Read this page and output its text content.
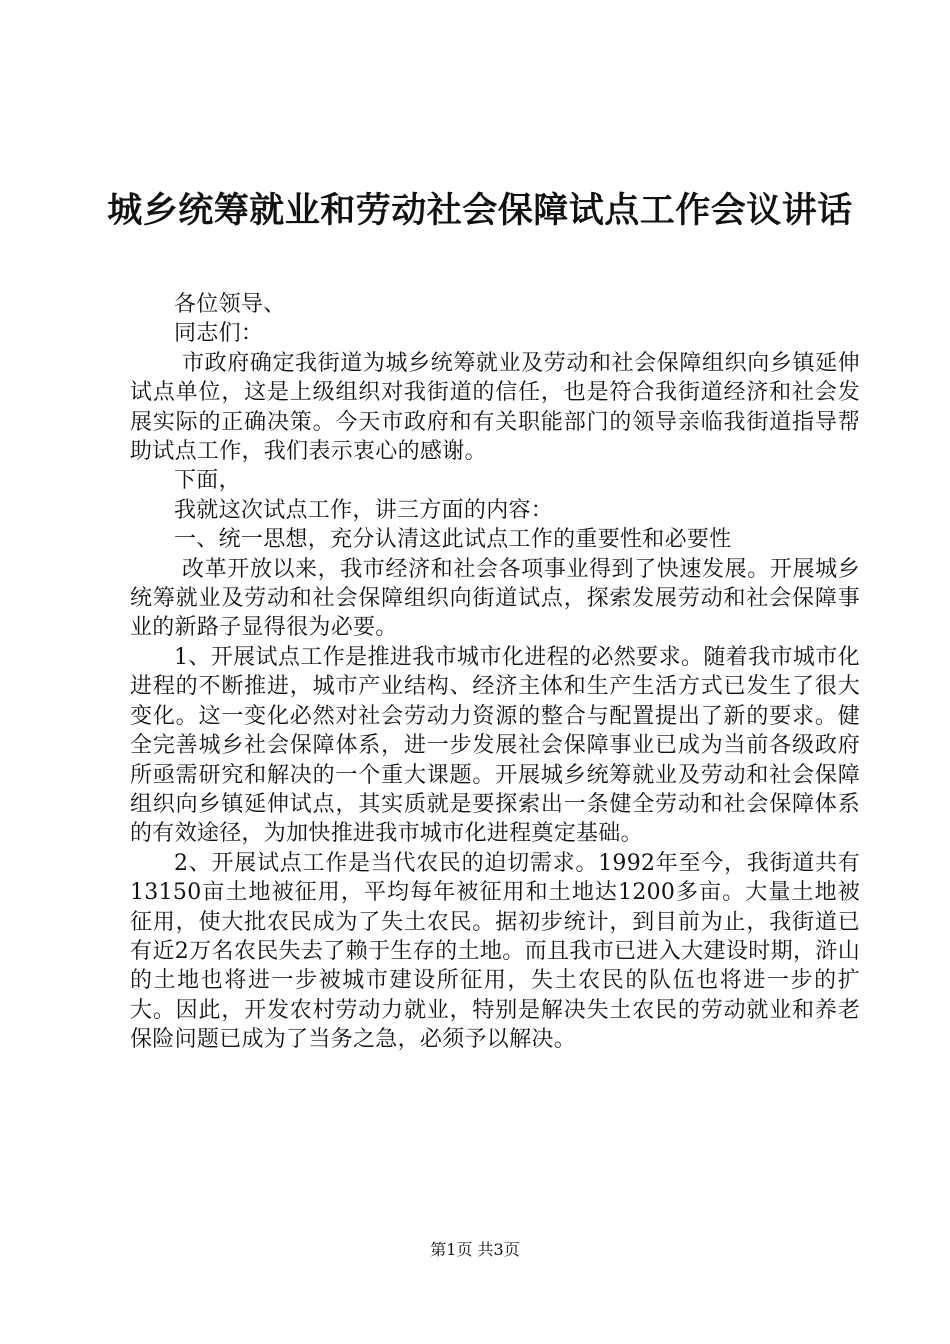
城乡统筹就业和劳动社会保障试点工作会议讲话

各位领导、

同志们：

市政府确定我街道为城乡统筹就业及劳动和社会保障组织向乡镇延伸试点单位，这是上级组织对我街道的信任，也是符合我街道经济和社会发展实际的正确决策。今天市政府和有关职能部门的领导亲临我街道指导帮助试点工作，我们表示衷心的感谢。

下面，

我就这次试点工作，讲三方面的内容：

一、统一思想，充分认清这此试点工作的重要性和必要性

改革开放以来，我市经济和社会各项事业得到了快速发展。开展城乡统筹就业及劳动和社会保障组织向街道试点，探索发展劳动和社会保障事业的新路子显得很为必要。

1、开展试点工作是推进我市城市化进程的必然要求。随着我市城市化进程的不断推进，城市产业结构、经济主体和生产生活方式已发生了很大变化。这一变化必然对社会劳动力资源的整合与配置提出了新的要求。健全完善城乡社会保障体系，进一步发展社会保障事业已成为当前各级政府所亟需研究和解决的一个重大课题。开展城乡统筹就业及劳动和社会保障组织向乡镇延伸试点，其实质就是要探索出一条健全劳动和社会保障体系的有效途径，为加快推进我市城市化进程奠定基础。

2、开展试点工作是当代农民的迫切需求。1992年至今，我街道共有13150亩土地被征用，平均每年被征用和土地达1200多亩。大量土地被征用，使大批农民成为了失土农民。据初步统计，到目前为止，我街道已有近2万名农民失去了赖于生存的土地。而且我市已进入大建设时期，浒山的土地也将进一步被城市建设所征用，失土农民的队伍也将进一步的扩大。因此，开发农村劳动力就业，特别是解决失土农民的劳动就业和养老保险问题已成为了当务之急，必须予以解决。

第1页 共3页
